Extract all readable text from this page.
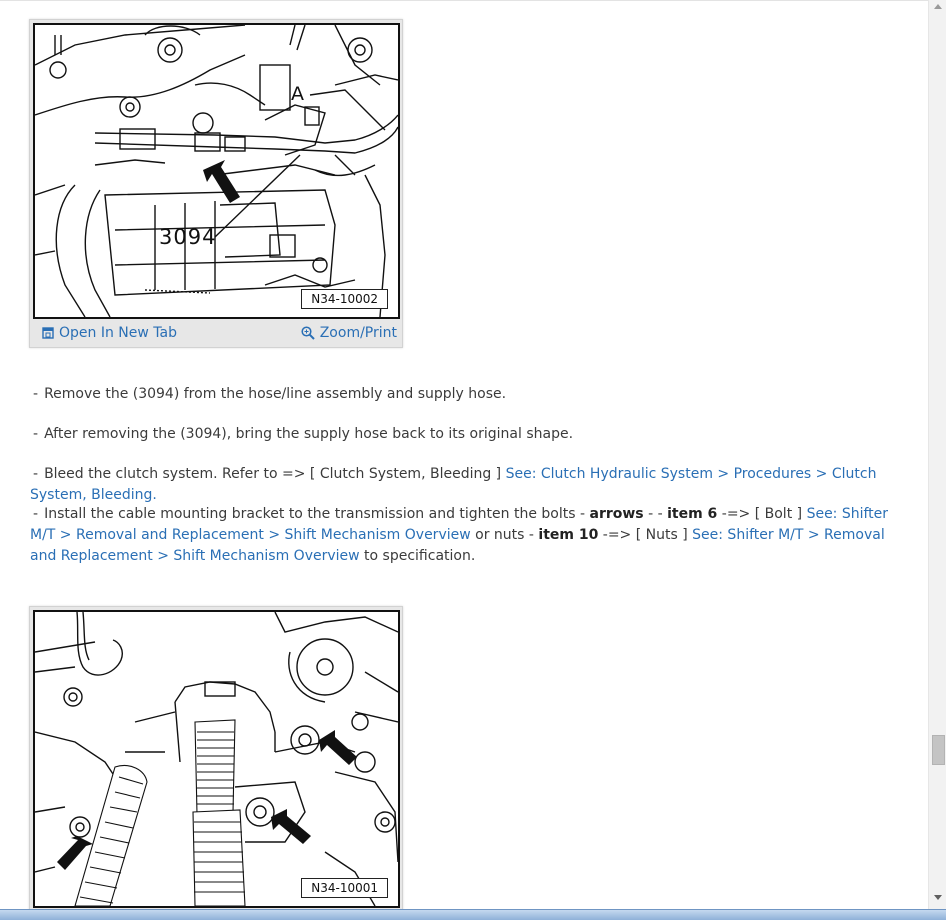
A
3094
N34-10002
Open In New Tab	Zoom/Print
- Remove the (3094) from the hose/line assembly and supply hose.
- After removing the (3094), bring the supply hose back to its original shape.
- Bleed the clutch system. Refer to => [ Clutch System, Bleeding ] See: Clutch Hydraulic System > Procedures > Clutch System, Bleeding.
- Install the cable mounting bracket to the transmission and tighten the bolts - arrows - - item 6 -=> [ Bolt ] See: Shifter M/T > Removal and Replacement > Shift Mechanism Overview or nuts - item 10 -=> [ Nuts ] See: Shifter M/T > Removal and Replacement > Shift Mechanism Overview to specification.
N34-10001
